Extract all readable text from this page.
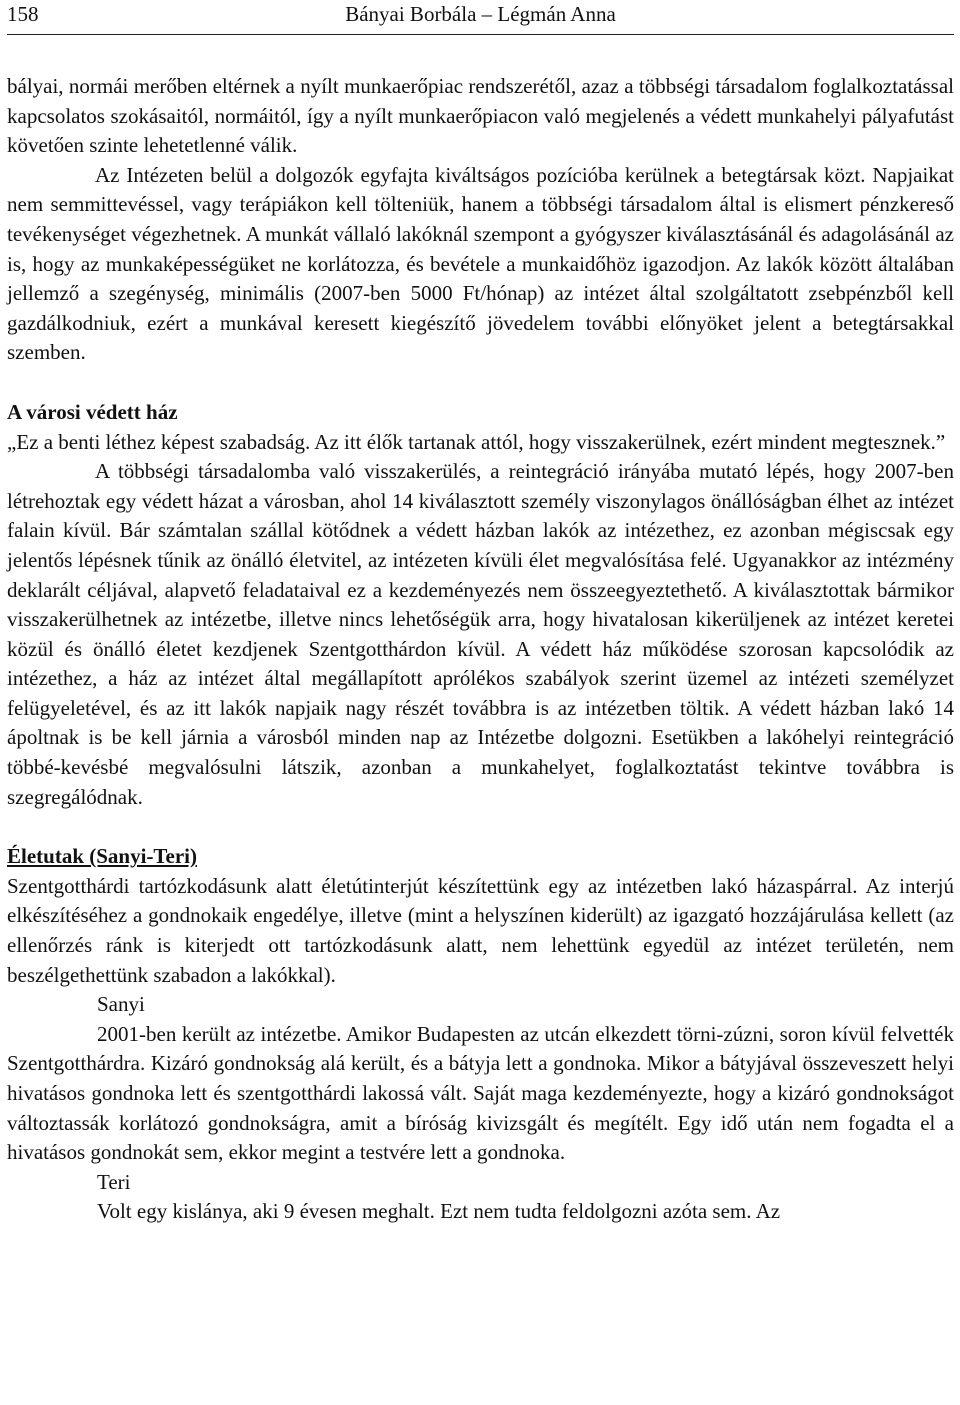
158	Bányai Borbála – Légmán Anna

bályai, normái merőben eltérnek a nyílt munkaerőpiac rendszerétől, azaz a többségi társadalom foglalkoztatással kapcsolatos szokásaitól, normáitól, így a nyílt munkaerőpiacon való megjelenés a védett munkahelyi pályafutást követően szinte lehetetlenné válik.

Az Intézeten belül a dolgozók egyfajta kiváltságos pozícióba kerülnek a betegtársak közt. Napjaikat nem semmittevéssel, vagy terápiákon kell tölteniük, hanem a többségi társadalom által is elismert pénzkereső tevékenységet végezhetnek. A munkát vállaló lakóknál szempont a gyógyszer kiválasztásánál és adagolásánál az is, hogy az munkaképességüket ne korlátozza, és bevétele a munkaidőhöz igazodjon. Az lakók között általában jellemző a szegénység, minimális (2007-ben 5000 Ft/hónap) az intézet által szolgáltatott zsebpénzből kell gazdálkodniuk, ezért a munkával keresett kiegészítő jövedelem további előnyöket jelent a betegtársakkal szemben.

A városi védett ház

„Ez a benti léthez képest szabadság. Az itt élők tartanak attól, hogy visszakerülnek, ezért mindent megtesznek.”

A többségi társadalomba való visszakerülés, a reintegráció irányába mutató lépés, hogy 2007-ben létrehoztak egy védett házat a városban, ahol 14 kiválasztott személy viszonylagos önállóságban élhet az intézet falain kívül. Bár számtalan szállal kötődnek a védett házban lakók az intézethez, ez azonban mégiscsak egy jelentős lépésnek tűnik az önálló életvitel, az intézeten kívüli élet megvalósítása felé. Ugyanakkor az intézmény deklarált céljával, alapvető feladataival ez a kezdeményezés nem összeegyeztethető. A kiválasztottak bármikor visszakerülhetnek az intézetbe, illetve nincs lehetőségük arra, hogy hivatalosan kikerüljenek az intézet keretei közül és önálló életet kezdjenek Szentgotthárdon kívül. A védett ház működése szorosan kapcsolódik az intézethez, a ház az intézet által megállapított aprólékos szabályok szerint üzemel az intézeti személyzet felügyeletével, és az itt lakók napjaik nagy részét továbbra is az intézetben töltik. A védett házban lakó 14 ápoltnak is be kell járnia a városból minden nap az Intézetbe dolgozni. Esetükben a lakóhelyi reintegráció többé-kevésbé megvalósulni látszik, azonban a munkahelyet, foglalkoztatást tekintve továbbra is szegregálódnak.

Életutak (Sanyi-Teri)

Szentgotthárdi tartózkodásunk alatt életútinterjút készítettünk egy az intézetben lakó házaspárral. Az interjú elkészítéséhez a gondnokaik engedélye, illetve (mint a helyszínen kiderült) az igazgató hozzájárulása kellett (az ellenőrzés ránk is kiterjedt ott tartózkodásunk alatt, nem lehettünk egyedül az intézet területén, nem beszélgethettünk szabadon a lakókkal).

Sanyi

2001-ben került az intézetbe. Amikor Budapesten az utcán elkezdett törni-zúzni, soron kívül felvették Szentgotthárdra. Kizáró gondnokság alá került, és a bátyja lett a gondnoka. Mikor a bátyjával összeveszett helyi hivatásos gondnoka lett és szentgotthárdi lakossá vált. Saját maga kezdeményezte, hogy a kizáró gondnokságot változtassák korlátozó gondnokságra, amit a bíróság kivizsgált és megítélt. Egy idő után nem fogadta el a hivatásos gondnokát sem, ekkor megint a testvére lett a gondnoka.

Teri

Volt egy kislánya, aki 9 évesen meghalt. Ezt nem tudta feldolgozni azóta sem. Az
